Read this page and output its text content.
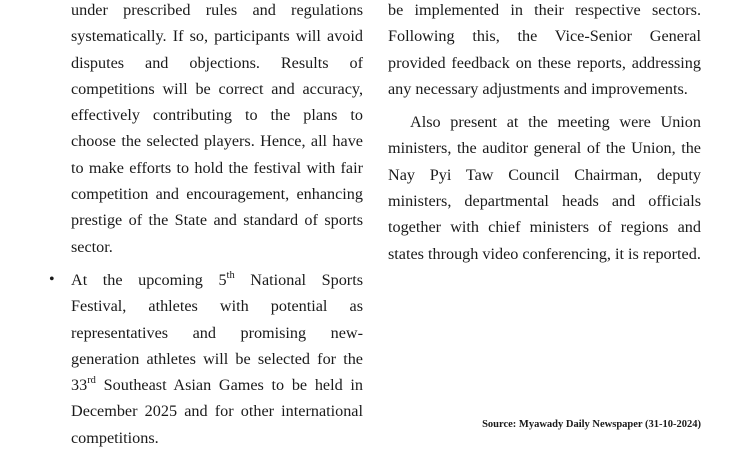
under prescribed rules and regulations systematically. If so, participants will avoid disputes and objections. Results of competitions will be correct and accuracy, effectively contributing to the plans to choose the selected players. Hence, all have to make efforts to hold the festival with fair competition and encouragement, enhancing prestige of the State and standard of sports sector.

• At the upcoming 5th National Sports Festival, athletes with potential as representatives and promising new-generation athletes will be selected for the 33rd Southeast Asian Games to be held in December 2025 and for other international competitions.

be implemented in their respective sectors. Following this, the Vice-Senior General provided feedback on these reports, addressing any necessary adjustments and improvements.

Also present at the meeting were Union ministers, the auditor general of the Union, the Nay Pyi Taw Council Chairman, deputy ministers, departmental heads and officials together with chief ministers of regions and states through video conferencing, it is reported.

Source: Myawady Daily Newspaper (31-10-2024)
